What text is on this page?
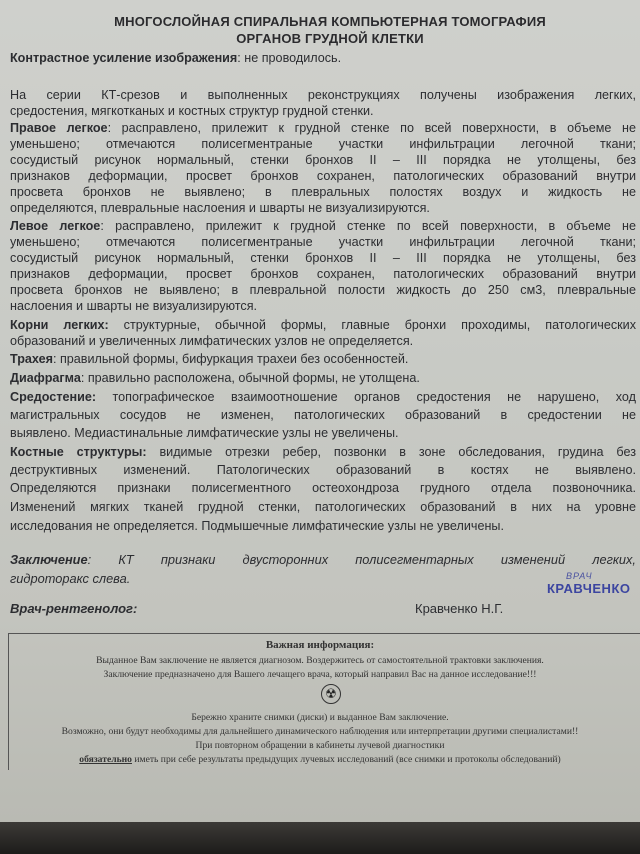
МНОГОСЛОЙНАЯ СПИРАЛЬНАЯ КОМПЬЮТЕРНАЯ ТОМОГРАФИЯ
ОРГАНОВ ГРУДНОЙ КЛЕТКИ
Контрастное усиление изображения: не проводилось.
На серии КТ-срезов и выполненных реконструкциях получены изображения легких,
средостения, мягкотканых и костных структур грудной стенки.
Правое легкое: расправлено, прилежит к грудной стенке по всей поверхности, в объеме не
уменьшено; отмечаются полисегментраные участки инфильтрации легочной ткани;
сосудистый рисунок нормальный, стенки бронхов II – III порядка не утолщены, без
признаков деформации, просвет бронхов сохранен, патологических образований внутри
просвета бронхов не выявлено; в плевральных полостях воздух и жидкость не
определяются, плевральные наслоения и шварты не визуализируются.
Левое легкое: расправлено, прилежит к грудной стенке по всей поверхности, в объеме не
уменьшено; отмечаются полисегментраные участки инфильтрации легочной ткани;
сосудистый рисунок нормальный, стенки бронхов II – III порядка не утолщены, без
признаков деформации, просвет бронхов сохранен, патологических образований внутри
просвета бронхов не выявлено; в плевральной полости жидкость до 250 см3, плевральные
наслоения и шварты не визуализируются.
Корни легких: структурные, обычной формы, главные бронхи проходимы, патологических
образований и увеличенных лимфатических узлов не определяется.
Трахея: правильной формы, бифуркация трахеи без особенностей.
Диафрагма: правильно расположена, обычной формы, не утолщена.
Средостение: топографическое взаимоотношение органов средостения не нарушено, ход
магистральных сосудов не изменен, патологических образований в средостении не
выявлено. Медиастинальные лимфатические узлы не увеличены.
Костные структуры: видимые отрезки ребер, позвонки в зоне обследования, грудина без
деструктивных изменений. Патологических образований в костях не выявлено.
Определяются признаки полисегментного остеохондроза грудного отдела позвоночника.
Изменений мягких тканей грудной стенки, патологических образований в них на уровне
исследования не определяется. Подмышечные лимфатические узлы не увеличены.
Заключение: КТ признаки двусторонних полисегментарных изменений легких,
гидроторакс слева.
Врач-рентгенолог:	Кравченко Н.Г.
ВРАЧ
КРАВЧЕНКО
Важная информация:
Выданное Вам заключение не является диагнозом. Воздержитесь от самостоятельной трактовки заключения.
Заключение предназначено для Вашего лечащего врача, который направил Вас на данное исследование!!!
☢
Бережно храните снимки (диски) и выданное Вам заключение.
Возможно, они будут необходимы для дальнейшего динамического наблюдения или интерпретации другими специалистами!!
При повторном обращении в кабинеты лучевой диагностики
обязательно иметь при себе результаты предыдущих лучевых исследований (все снимки и протоколы обследований)
